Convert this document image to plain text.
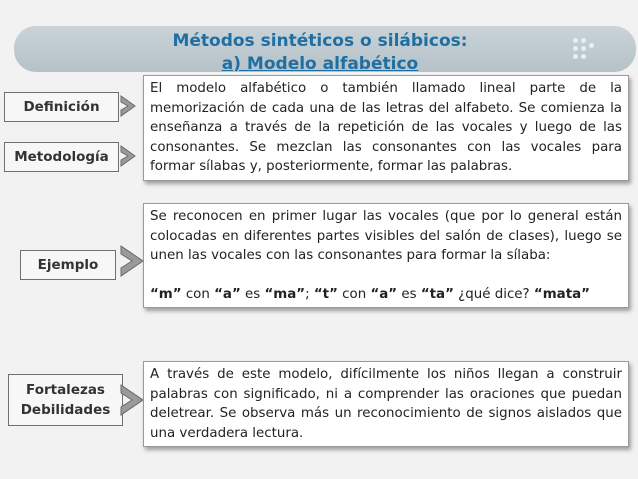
Métodos sintéticos o silábicos:
a) Modelo alfabético
Definición
Metodología
Ejemplo
Fortalezas
Debilidades

El modelo alfabético o también llamado lineal parte de la memorización de cada una de las letras del alfabeto. Se comienza la enseñanza a través de la repetición de las vocales y luego de las consonantes. Se mezclan las consonantes con las vocales para formar sílabas y, posteriormente, formar las palabras.

Se reconocen en primer lugar las vocales (que por lo general están colocadas en diferentes partes visibles del salón de clases), luego se unen las vocales con las consonantes para formar la sílaba:

“m” con “a” es “ma”; “t” con “a” es “ta” ¿qué dice? “mata”

A través de este modelo, difícilmente los niños llegan a construir palabras con significado, ni a comprender las oraciones que puedan deletrear. Se observa más un reconocimiento de signos aislados que una verdadera lectura.
